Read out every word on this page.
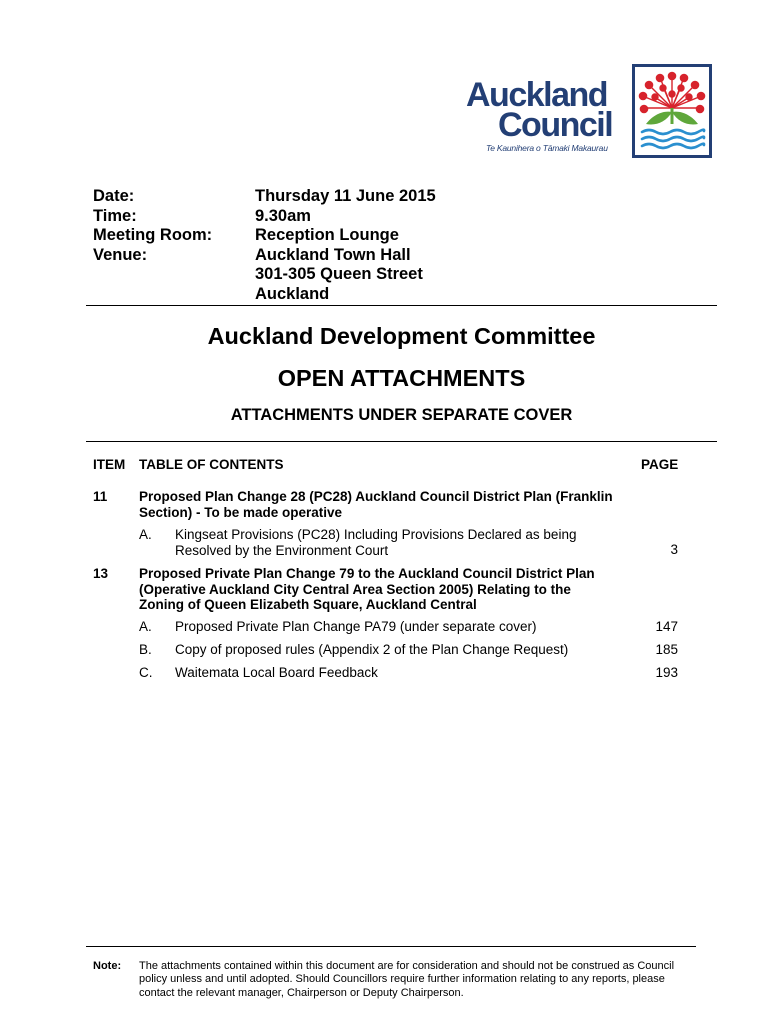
Auckland
Council
Te Kaunihera o Tāmaki Makaurau
Date:	Thursday 11 June 2015
Time:	9.30am
Meeting Room:	Reception Lounge
Venue:	Auckland Town Hall
301-305 Queen Street
Auckland
Auckland Development Committee
OPEN ATTACHMENTS
ATTACHMENTS UNDER SEPARATE COVER
ITEM TABLE OF CONTENTS	PAGE
11 Proposed Plan Change 28 (PC28) Auckland Council District Plan (Franklin
Section) - To be made operative
A. Kingseat Provisions (PC28) Including Provisions Declared as being
Resolved by the Environment Court	3
13 Proposed Private Plan Change 79 to the Auckland Council District Plan
(Operative Auckland City Central Area Section 2005) Relating to the
Zoning of Queen Elizabeth Square, Auckland Central
A. Proposed Private Plan Change PA79 (under separate cover)	147
B. Copy of proposed rules (Appendix 2 of the Plan Change Request)	185
C. Waitemata Local Board Feedback	193
Note: The attachments contained within this document are for consideration and should not be construed as Council
policy unless and until adopted. Should Councillors require further information relating to any reports, please
contact the relevant manager, Chairperson or Deputy Chairperson.
